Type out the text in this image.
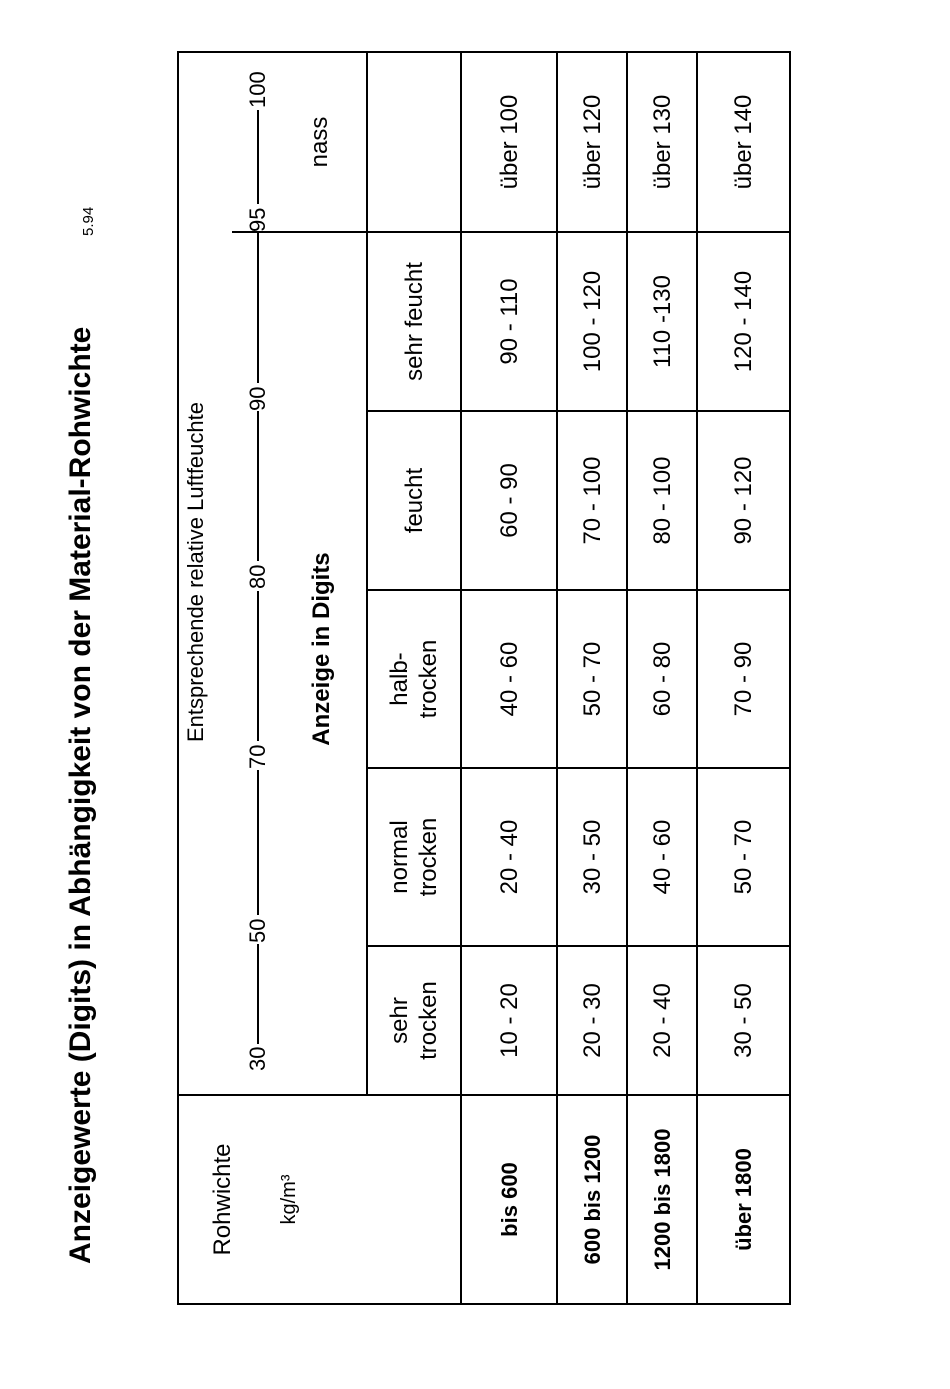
Anzeigewerte (Digits) in Abhängigkeit von der Material-Rohwichte
5.94
30
50
70
80
90
95
100
Entsprechende relative Luftfeuchte	Anzeige in Digits
Rohwichte kg/m³
sehr trocken
normal trocken
halb- trocken
feucht
sehr feucht
nass
bis 600
10 - 20
20 - 40
40 - 60
60 - 90
90 - 110
über 100
600 bis 1200
20 - 30
30 - 50
50 - 70
70 - 100
100 - 120
über 120
1200 bis 1800
20 - 40
40 - 60
60 - 80
80 - 100
110 -130
über 130
über 1800
30 - 50
50 - 70
70 - 90
90 - 120
120 - 140
über 140
